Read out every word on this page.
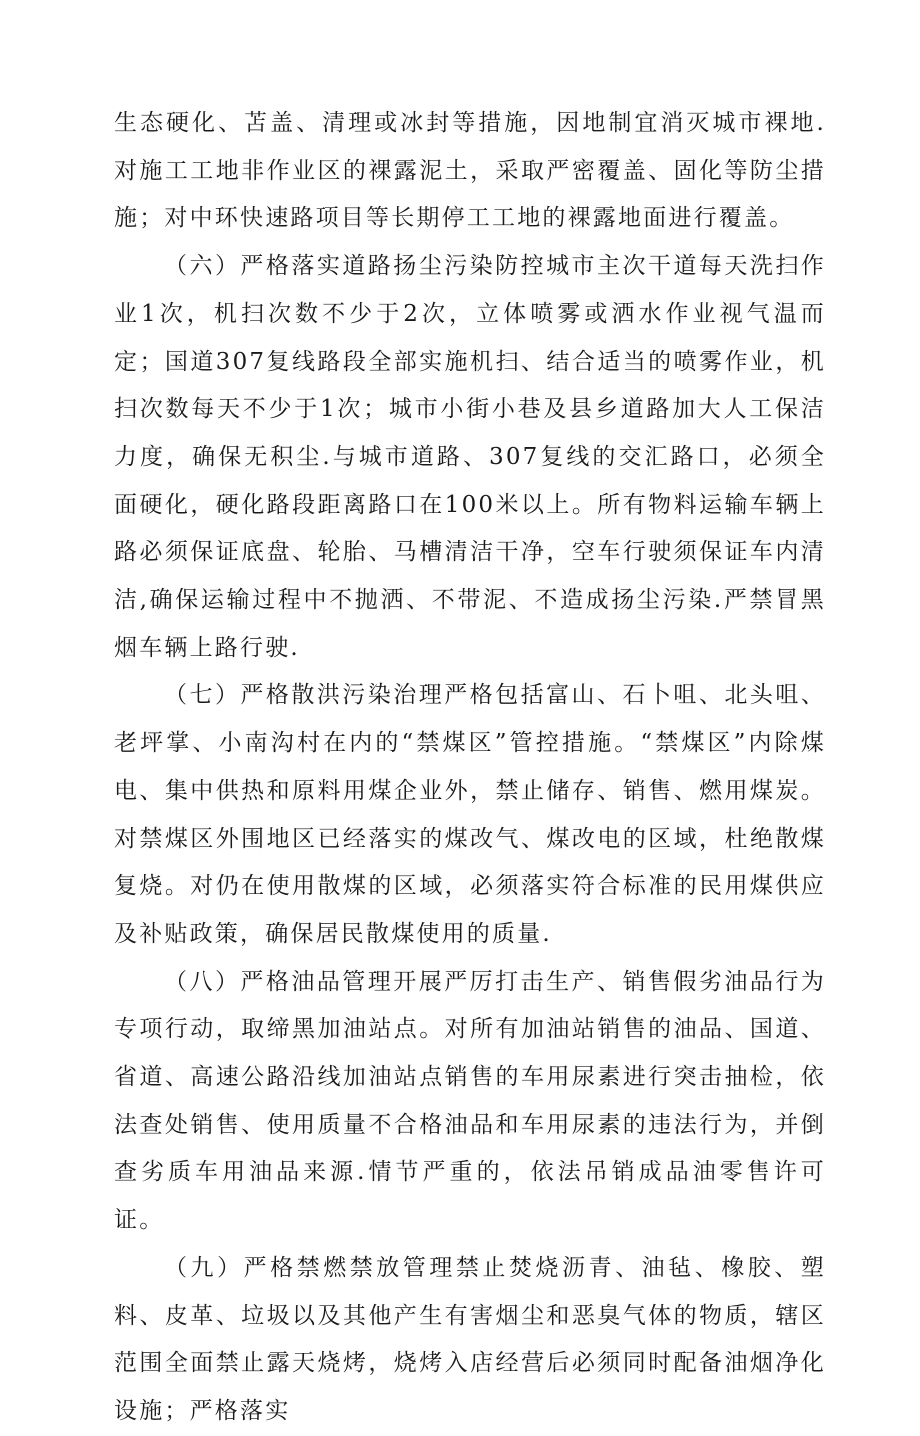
生态硬化、苫盖、清理或冰封等措施，因地制宜消灭城市裸地.对施工工地非作业区的裸露泥土，采取严密覆盖、固化等防尘措施；对中环快速路项目等长期停工工地的裸露地面进行覆盖。

（六）严格落实道路扬尘污染防控城市主次干道每天洗扫作业1次，机扫次数不少于2次，立体喷雾或洒水作业视气温而定；国道307复线路段全部实施机扫、结合适当的喷雾作业，机扫次数每天不少于1次；城市小街小巷及县乡道路加大人工保洁力度，确保无积尘.与城市道路、307复线的交汇路口，必须全面硬化，硬化路段距离路口在100米以上。所有物料运输车辆上路必须保证底盘、轮胎、马槽清洁干净，空车行驶须保证车内清洁,确保运输过程中不抛洒、不带泥、不造成扬尘污染.严禁冒黑烟车辆上路行驶.

（七）严格散洪污染治理严格包括富山、石卜咀、北头咀、老坪掌、小南沟村在内的“禁煤区”管控措施。“禁煤区”内除煤电、集中供热和原料用煤企业外，禁止储存、销售、燃用煤炭。对禁煤区外围地区已经落实的煤改气、煤改电的区域，杜绝散煤复烧。对仍在使用散煤的区域，必须落实符合标准的民用煤供应及补贴政策，确保居民散煤使用的质量.

（八）严格油品管理开展严厉打击生产、销售假劣油品行为专项行动，取缔黑加油站点。对所有加油站销售的油品、国道、省道、高速公路沿线加油站点销售的车用尿素进行突击抽检，依法查处销售、使用质量不合格油品和车用尿素的违法行为，并倒查劣质车用油品来源.情节严重的，依法吊销成品油零售许可证。

（九）严格禁燃禁放管理禁止焚烧沥青、油毡、橡胶、塑料、皮革、垃圾以及其他产生有害烟尘和恶臭气体的物质，辖区范围全面禁止露天烧烤，烧烤入店经营后必须同时配备油烟净化设施；严格落实
